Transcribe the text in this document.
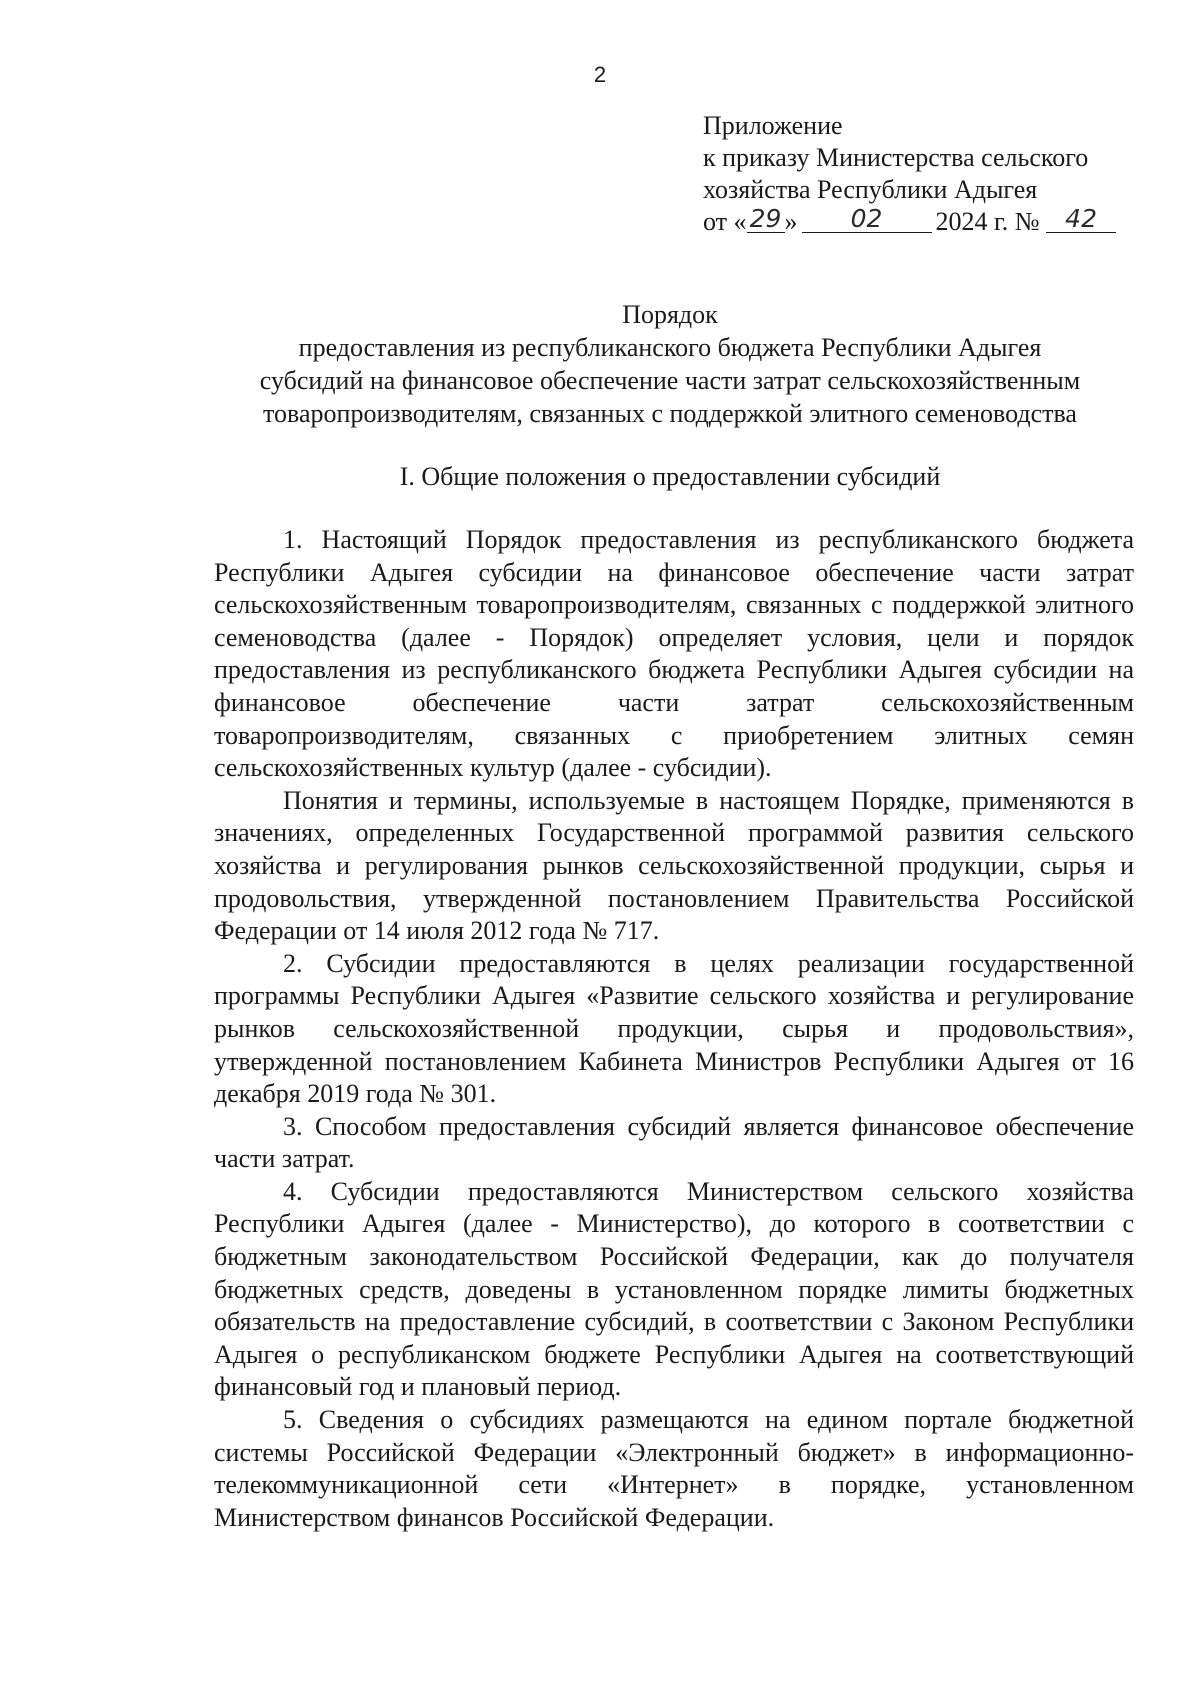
2
Приложение
к приказу Министерства сельского
хозяйства Республики Адыгея
от « 29 » 02 2024 г. № 42
Порядок
предоставления из республиканского бюджета Республики Адыгея
субсидий на финансовое обеспечение части затрат сельскохозяйственным
товаропроизводителям, связанных с поддержкой элитного семеноводства
I. Общие положения о предоставлении субсидий

1. Настоящий Порядок предоставления из республиканского бюджета Республики Адыгея субсидии на финансовое обеспечение части затрат сельскохозяйственным товаропроизводителям, связанных с поддержкой элитного семеноводства (далее - Порядок) определяет условия, цели и порядок предоставления из республиканского бюджета Республики Адыгея субсидии на финансовое обеспечение части затрат сельскохозяйственным товаропроизводителям, связанных с приобретением элитных семян сельскохозяйственных культур (далее - субсидии).

Понятия и термины, используемые в настоящем Порядке, применяются в значениях, определенных Государственной программой развития сельского хозяйства и регулирования рынков сельскохозяйственной продукции, сырья и продовольствия, утвержденной постановлением Правительства Российской Федерации от 14 июля 2012 года № 717.

2. Субсидии предоставляются в целях реализации государственной программы Республики Адыгея «Развитие сельского хозяйства и регулирование рынков сельскохозяйственной продукции, сырья и продовольствия», утвержденной постановлением Кабинета Министров Республики Адыгея от 16 декабря 2019 года № 301.

3. Способом предоставления субсидий является финансовое обеспечение части затрат.

4. Субсидии предоставляются Министерством сельского хозяйства Республики Адыгея (далее - Министерство), до которого в соответствии с бюджетным законодательством Российской Федерации, как до получателя бюджетных средств, доведены в установленном порядке лимиты бюджетных обязательств на предоставление субсидий, в соответствии с Законом Республики Адыгея о республиканском бюджете Республики Адыгея на соответствующий финансовый год и плановый период.

5. Сведения о субсидиях размещаются на едином портале бюджетной системы Российской Федерации «Электронный бюджет» в информационно-телекоммуникационной сети «Интернет» в порядке, установленном Министерством финансов Российской Федерации.
